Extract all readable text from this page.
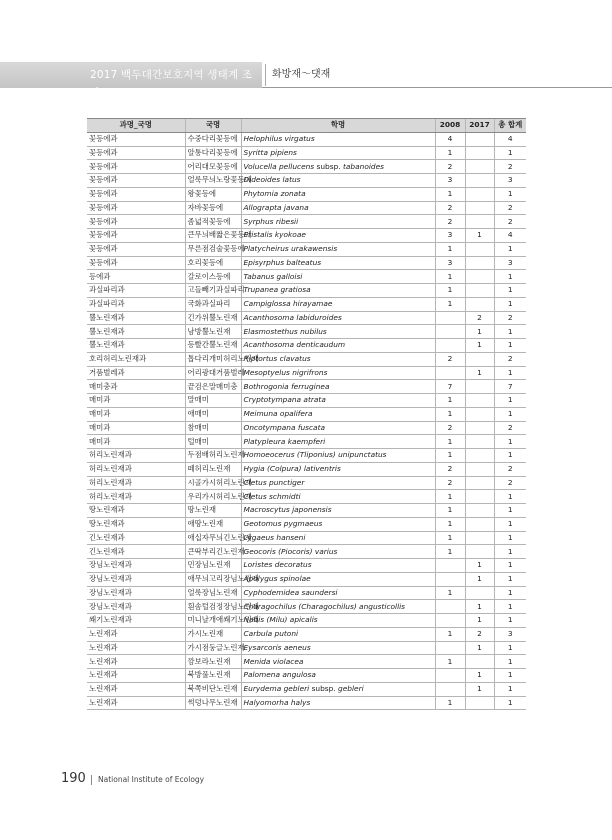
2017 백두대간보호지역 생태계 조사
화방재～댓재
과명_국명	국명	학명	2008	2017	총 합계
꽃등에과	수중다리꽃등에	Helophilus virgatus	4		4
꽃등에과	알통다리꽃등에	Syritta pipiens	1		1
꽃등에과	어리대모꽃등에	Volucella pellucens subsp. tabanoides	2		2
꽃등에과	얼룩무늬노랑꽃등에	Dideoides latus	3		3
꽃등에과	왕꽃등에	Phytomia zonata	1		1
꽃등에과	자바꽃등에	Allograpta javana	2		2
꽃등에과	좀넓적꽃등에	Syrphus ribesii	2		2
꽃등에과	큰무늬배짧은꽃등에	Eristalis kyokoae	3	1	4
꽃등에과	무른점검술꽃등에	Platycheirus urakawensis	1		1
꽃등에과	호리꽃등에	Episyrphus balteatus	3		3
등에과	갈로이스등에	Tabanus galloisi	1		1
과실파리과	고들빼기과실파리	Trupanea gratiosa	1		1
과실파리과	국화과실파리	Campiglossa hirayamae	1		1
뿔노린재과	긴가위뿔노린재	Acanthosoma labiduroides		2	2
뿔노린재과	남방뿔노린재	Elasmostethus nubilus		1	1
뿔노린재과	등빨간뿔노린재	Acanthosoma denticaudum		1	1
호리허리노린재과	톱다리개미허리노린재	Riptortus clavatus	2		2
거품벌레과	어리광대거품벌레	Mesoptyelus nigrifrons		1	1
매미충과	끝검은말매미충	Bothrogonia ferruginea	7		7
매미과	말매미	Cryptotympana atrata	1		1
매미과	애매미	Meimuna opalifera	1		1
매미과	참매미	Oncotympana fuscata	2		2
매미과	털매미	Platypleura kaempferi	1		1
허리노린재과	두점배허리노린재	Homoeocerus (Tliponius) unipunctatus	1		1
허리노린재과	떼허리노린재	Hygia (Colpura) lativentris	2		2
허리노린재과	시골가시허리노린재	Cletus punctiger	2		2
허리노린재과	우리가시허리노린재	Cletus schmidti	1		1
땅노린재과	땅노린재	Macroscytus japonensis	1		1
땅노린재과	애땅노린재	Geotomus pygmaeus	1		1
긴노린재과	애십자무늬긴노린재	Lygaeus hanseni	1		1
긴노린재과	큰딱부리긴노린재	Geocoris (Piocoris) varius	1		1
장님노린재과	민장님노린재	Loristes decoratus		1	1
장님노린재과	애무늬고리장님노린재	Apolygus spinolae		1	1
장님노린재과	얼룩장님노린재	Cyphodemidea saundersi	1		1
장님노린재과	흰솜털검정장님노린재	Charagochilus (Charagochilus) angusticollis		1	1
쐐기노린재과	미니날개애쐐기노린재	Nabis (Milu) apicalis		1	1
노린재과	가시노린재	Carbula putoni	1	2	3
노린재과	가시점둥글노린재	Eysarcoris aeneus		1	1
노린재과	깜보라노린재	Menida violacea	1		1
노린재과	북방풀노린재	Palomena angulosa		1	1
노린재과	북쪽비단노린재	Eurydema gebleri subsp. gebleri		1	1
노린재과	썩덩나무노린재	Halyomorha halys	1		1
190 National Institute of Ecology
